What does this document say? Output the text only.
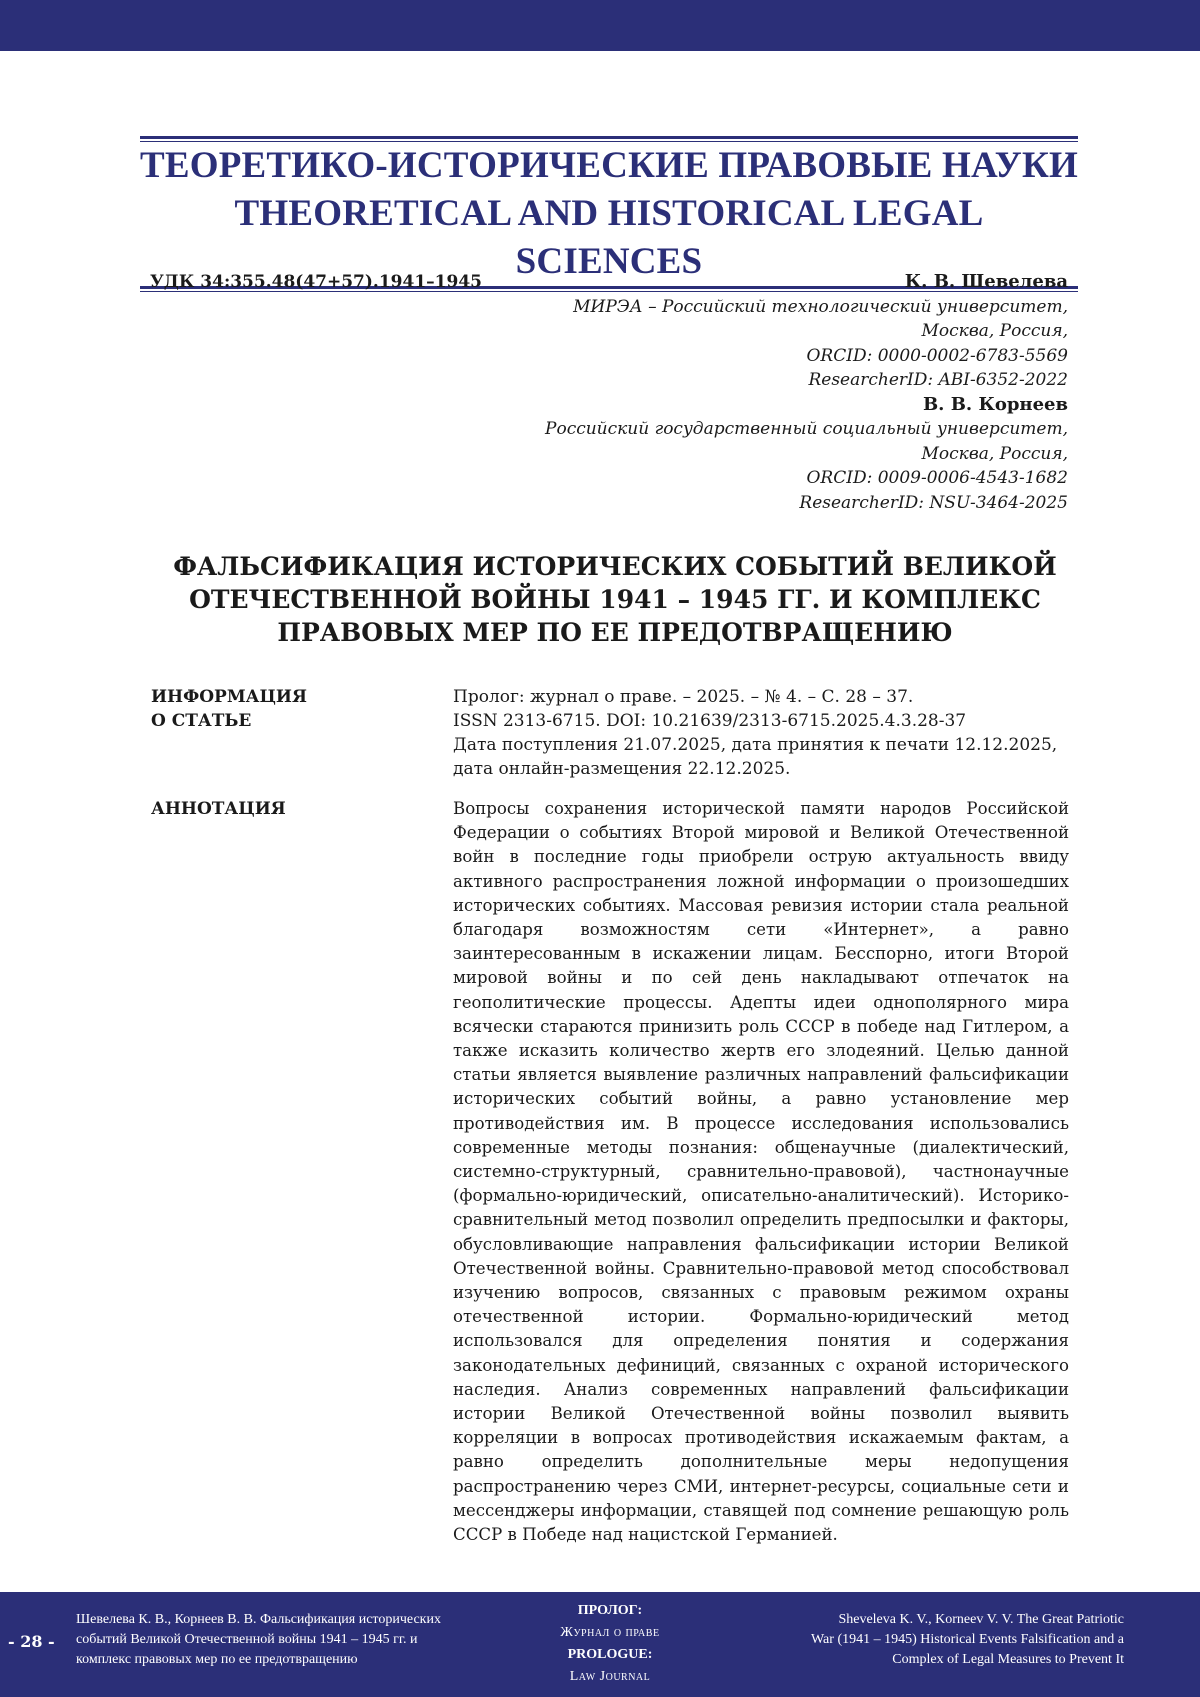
ТЕОРЕТИКО-ИСТОРИЧЕСКИЕ ПРАВОВЫЕ НАУКИ
THEORETICAL AND HISTORICAL LEGAL SCIENCES
УДК 34:355.48(47+57).1941–1945	К. В. Шевелева
МИРЭА – Российский технологический университет,
Москва, Россия,
ORCID: 0000-0002-6783-5569
ResearcherID: ABI-6352-2022
В. В. Корнеев
Российский государственный социальный университет,
Москва, Россия,
ORCID: 0009-0006-4543-1682
ResearcherID: NSU-3464-2025
ФАЛЬСИФИКАЦИЯ ИСТОРИЧЕСКИХ СОБЫТИЙ ВЕЛИКОЙ
ОТЕЧЕСТВЕННОЙ ВОЙНЫ 1941 – 1945 ГГ. И КОМПЛЕКС
ПРАВОВЫХ МЕР ПО ЕЕ ПРЕДОТВРАЩЕНИЮ
ИНФОРМАЦИЯ
О СТАТЬЕ
Пролог: журнал о праве. – 2025. – № 4. – С. 28 – 37.
ISSN 2313-6715. DOI: 10.21639/2313-6715.2025.4.3.28-37
Дата поступления 21.07.2025, дата принятия к печати 12.12.2025,
дата онлайн-размещения 22.12.2025.
АННОТАЦИЯ	Вопросы сохранения исторической памяти народов Российской Федерации о событиях Второй мировой и Великой Отечественной войн в последние годы приобрели острую актуальность ввиду активного распространения ложной информации о произошедших исторических событиях. Массовая ревизия истории стала реальной благодаря возможностям сети «Интернет», а равно заинтересованным в искажении лицам. Бесспорно, итоги Второй мировой войны и по сей день накладывают отпечаток на геополитические процессы. Адепты идеи однополярного мира всячески стараются принизить роль СССР в победе над Гитлером, а также исказить количество жертв его злодеяний. Целью данной статьи является выявление различных направлений фальсификации исторических событий войны, а равно установление мер противодействия им. В процессе исследования использовались современные методы познания: общенаучные (диалектический, системно-структурный, сравнительно-правовой), частнонаучные (формально-юридический, описательно-аналитический). Историко-сравнительный метод позволил определить предпосылки и факторы, обусловливающие направления фальсификации истории Великой Отечественной войны. Сравнительно-правовой метод способствовал изучению вопросов, связанных с правовым режимом охраны отечественной истории. Формально-юридический метод использовался для определения понятия и содержания законодательных дефиниций, связанных с охраной исторического наследия. Анализ современных направлений фальсификации истории Великой Отечественной войны позволил выявить корреляции в вопросах противодействия искажаемым фактам, а равно определить дополнительные меры недопущения распространению через СМИ, интернет-ресурсы, социальные сети и мессенджеры информации, ставящей под сомнение решающую роль СССР в Победе над нацистской Германией.
- 28 -
Шевелева К. В., Корнеев В. В. Фальсификация исторических
событий Великой Отечественной войны 1941 – 1945 гг. и
комплекс правовых мер по ее предотвращению
ПРОЛОГ:
Журнал о праве
PROLOGUE:
Law Journal
Sheveleva K. V., Korneev V. V. The Great Patriotic
War (1941 – 1945) Historical Events Falsification and a
Complex of Legal Measures to Prevent It
